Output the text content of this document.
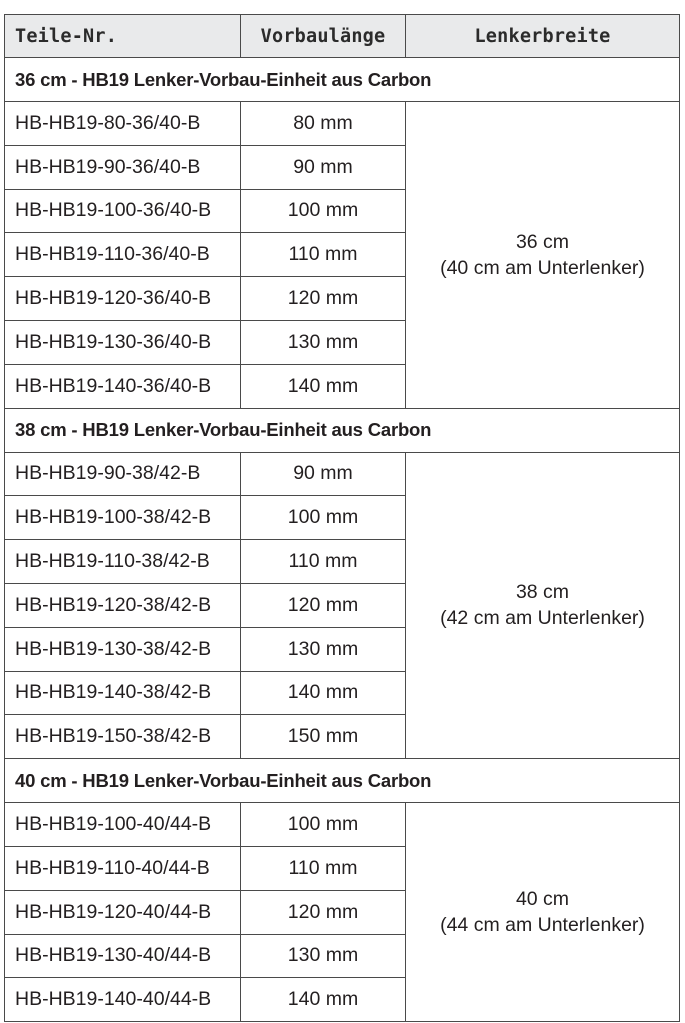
Teile-Nr.	Vorbaulänge	Lenkerbreite
36 cm - HB19 Lenker-Vorbau-Einheit aus Carbon		
HB-HB19-80-36/40-B	80 mm	36 cm
(40 cm am Unterlenker)

HB-HB19-90-36/40-B	90 mm	
HB-HB19-100-36/40-B	100 mm	
HB-HB19-110-36/40-B	110 mm	
HB-HB19-120-36/40-B	120 mm	
HB-HB19-130-36/40-B	130 mm	
HB-HB19-140-36/40-B	140 mm	
38 cm - HB19 Lenker-Vorbau-Einheit aus Carbon		
HB-HB19-90-38/42-B	90 mm	38 cm
(42 cm am Unterlenker)

HB-HB19-100-38/42-B	100 mm	
HB-HB19-110-38/42-B	110 mm	
HB-HB19-120-38/42-B	120 mm	
HB-HB19-130-38/42-B	130 mm	
HB-HB19-140-38/42-B	140 mm	
HB-HB19-150-38/42-B	150 mm	
40 cm - HB19 Lenker-Vorbau-Einheit aus Carbon		
HB-HB19-100-40/44-B	100 mm	40 cm
(44 cm am Unterlenker)

HB-HB19-110-40/44-B	110 mm	
HB-HB19-120-40/44-B	120 mm	
HB-HB19-130-40/44-B	130 mm	
HB-HB19-140-40/44-B	140 mm	
